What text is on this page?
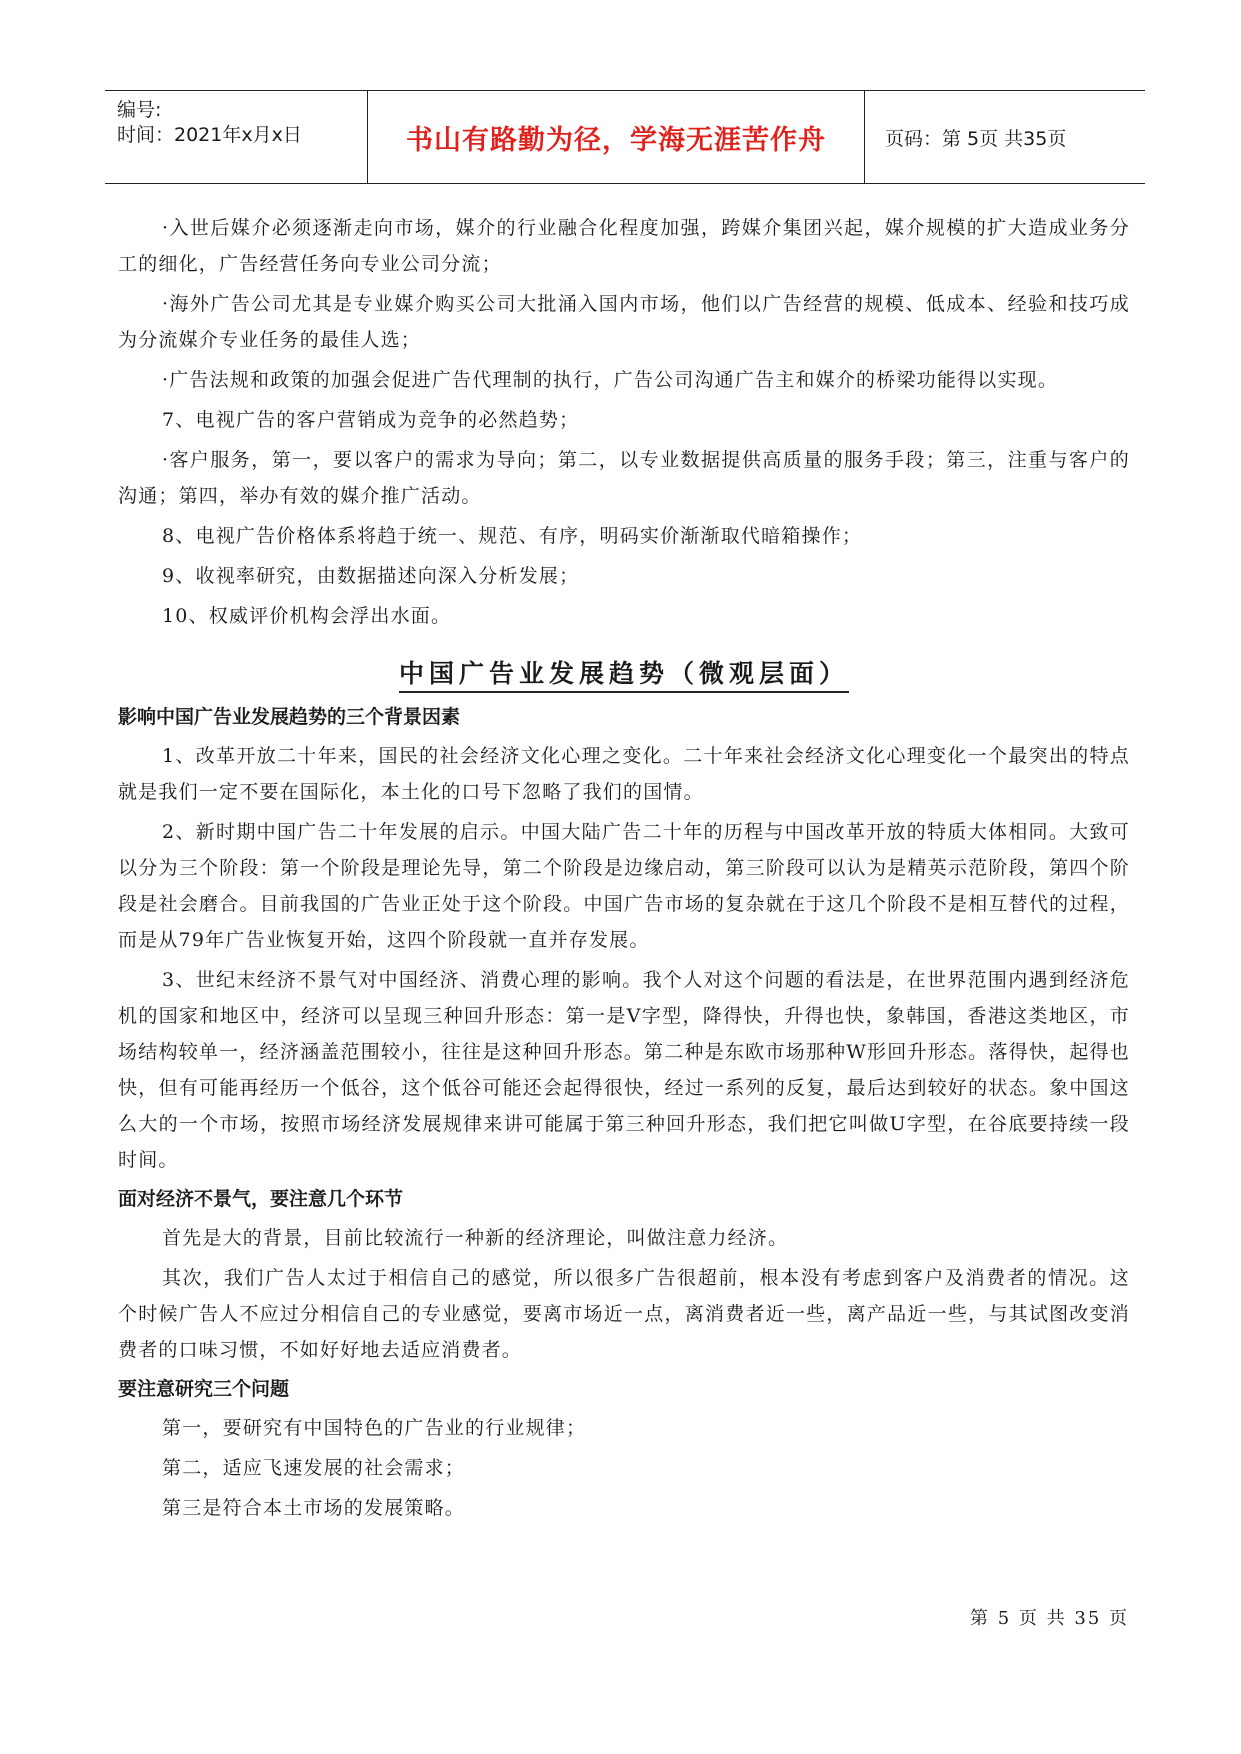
编号:
时间：2021年x月x日	书山有路勤为径，学海无涯苦作舟	页码：第 5页 共35页

·入世后媒介必须逐渐走向市场，媒介的行业融合化程度加强，跨媒介集团兴起，媒介规模的扩大造成业务分工的细化，广告经营任务向专业公司分流；

·海外广告公司尤其是专业媒介购买公司大批涌入国内市场，他们以广告经营的规模、低成本、经验和技巧成为分流媒介专业任务的最佳人选；

·广告法规和政策的加强会促进广告代理制的执行，广告公司沟通广告主和媒介的桥梁功能得以实现。

7、电视广告的客户营销成为竞争的必然趋势；

·客户服务，第一，要以客户的需求为导向；第二，以专业数据提供高质量的服务手段；第三，注重与客户的沟通；第四，举办有效的媒介推广活动。

8、电视广告价格体系将趋于统一、规范、有序，明码实价渐渐取代暗箱操作；

9、收视率研究，由数据描述向深入分析发展；

10、权威评价机构会浮出水面。

中国广告业发展趋势（微观层面）
影响中国广告业发展趋势的三个背景因素

1、改革开放二十年来，国民的社会经济文化心理之变化。二十年来社会经济文化心理变化一个最突出的特点就是我们一定不要在国际化，本土化的口号下忽略了我们的国情。

2、新时期中国广告二十年发展的启示。中国大陆广告二十年的历程与中国改革开放的特质大体相同。大致可以分为三个阶段：第一个阶段是理论先导，第二个阶段是边缘启动，第三阶段可以认为是精英示范阶段，第四个阶段是社会磨合。目前我国的广告业正处于这个阶段。中国广告市场的复杂就在于这几个阶段不是相互替代的过程，而是从79年广告业恢复开始，这四个阶段就一直并存发展。

3、世纪末经济不景气对中国经济、消费心理的影响。我个人对这个问题的看法是，在世界范围内遇到经济危机的国家和地区中，经济可以呈现三种回升形态：第一是V字型，降得快，升得也快，象韩国，香港这类地区，市场结构较单一，经济涵盖范围较小，往往是这种回升形态。第二种是东欧市场那种W形回升形态。落得快，起得也快，但有可能再经历一个低谷，这个低谷可能还会起得很快，经过一系列的反复，最后达到较好的状态。象中国这么大的一个市场，按照市场经济发展规律来讲可能属于第三种回升形态，我们把它叫做U字型，在谷底要持续一段时间。

面对经济不景气，要注意几个环节

首先是大的背景，目前比较流行一种新的经济理论，叫做注意力经济。

其次，我们广告人太过于相信自己的感觉，所以很多广告很超前，根本没有考虑到客户及消费者的情况。这个时候广告人不应过分相信自己的专业感觉，要离市场近一点，离消费者近一些，离产品近一些，与其试图改变消费者的口味习惯，不如好好地去适应消费者。

要注意研究三个问题

第一，要研究有中国特色的广告业的行业规律；

第二，适应飞速发展的社会需求；

第三是符合本土市场的发展策略。

第 5 页 共 35 页
